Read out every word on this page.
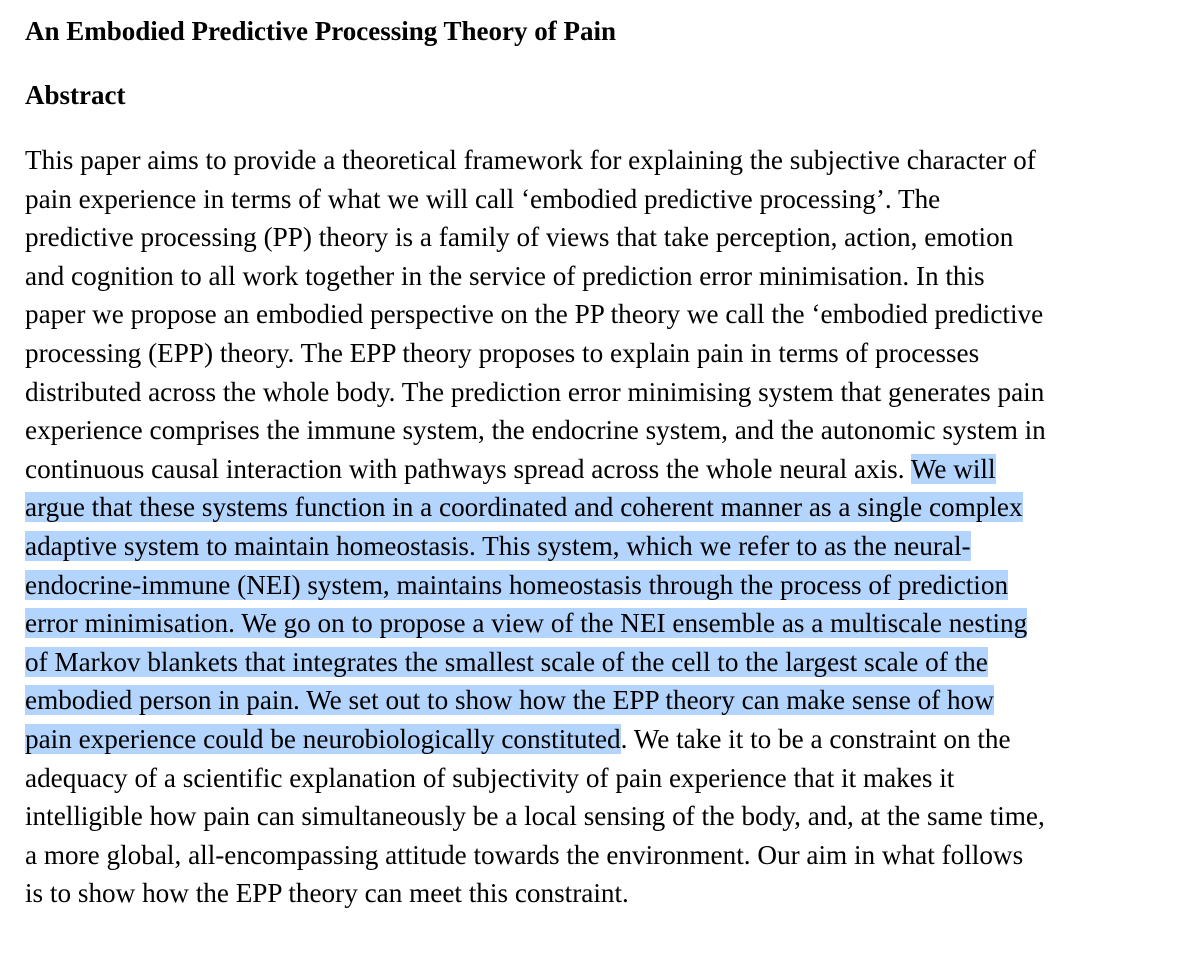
An Embodied Predictive Processing Theory of Pain
Abstract
This paper aims to provide a theoretical framework for explaining the subjective character of
pain experience in terms of what we will call ‘embodied predictive processing’. The
predictive processing (PP) theory is a family of views that take perception, action, emotion
and cognition to all work together in the service of prediction error minimisation. In this
paper we propose an embodied perspective on the PP theory we call the ‘embodied predictive
processing (EPP) theory. The EPP theory proposes to explain pain in terms of processes
distributed across the whole body. The prediction error minimising system that generates pain
experience comprises the immune system, the endocrine system, and the autonomic system in
continuous causal interaction with pathways spread across the whole neural axis. We will
argue that these systems function in a coordinated and coherent manner as a single complex
adaptive system to maintain homeostasis. This system, which we refer to as the neural-
endocrine-immune (NEI) system, maintains homeostasis through the process of prediction
error minimisation. We go on to propose a view of the NEI ensemble as a multiscale nesting
of Markov blankets that integrates the smallest scale of the cell to the largest scale of the
embodied person in pain. We set out to show how the EPP theory can make sense of how
pain experience could be neurobiologically constituted. We take it to be a constraint on the
adequacy of a scientific explanation of subjectivity of pain experience that it makes it
intelligible how pain can simultaneously be a local sensing of the body, and, at the same time,
a more global, all-encompassing attitude towards the environment. Our aim in what follows
is to show how the EPP theory can meet this constraint.
